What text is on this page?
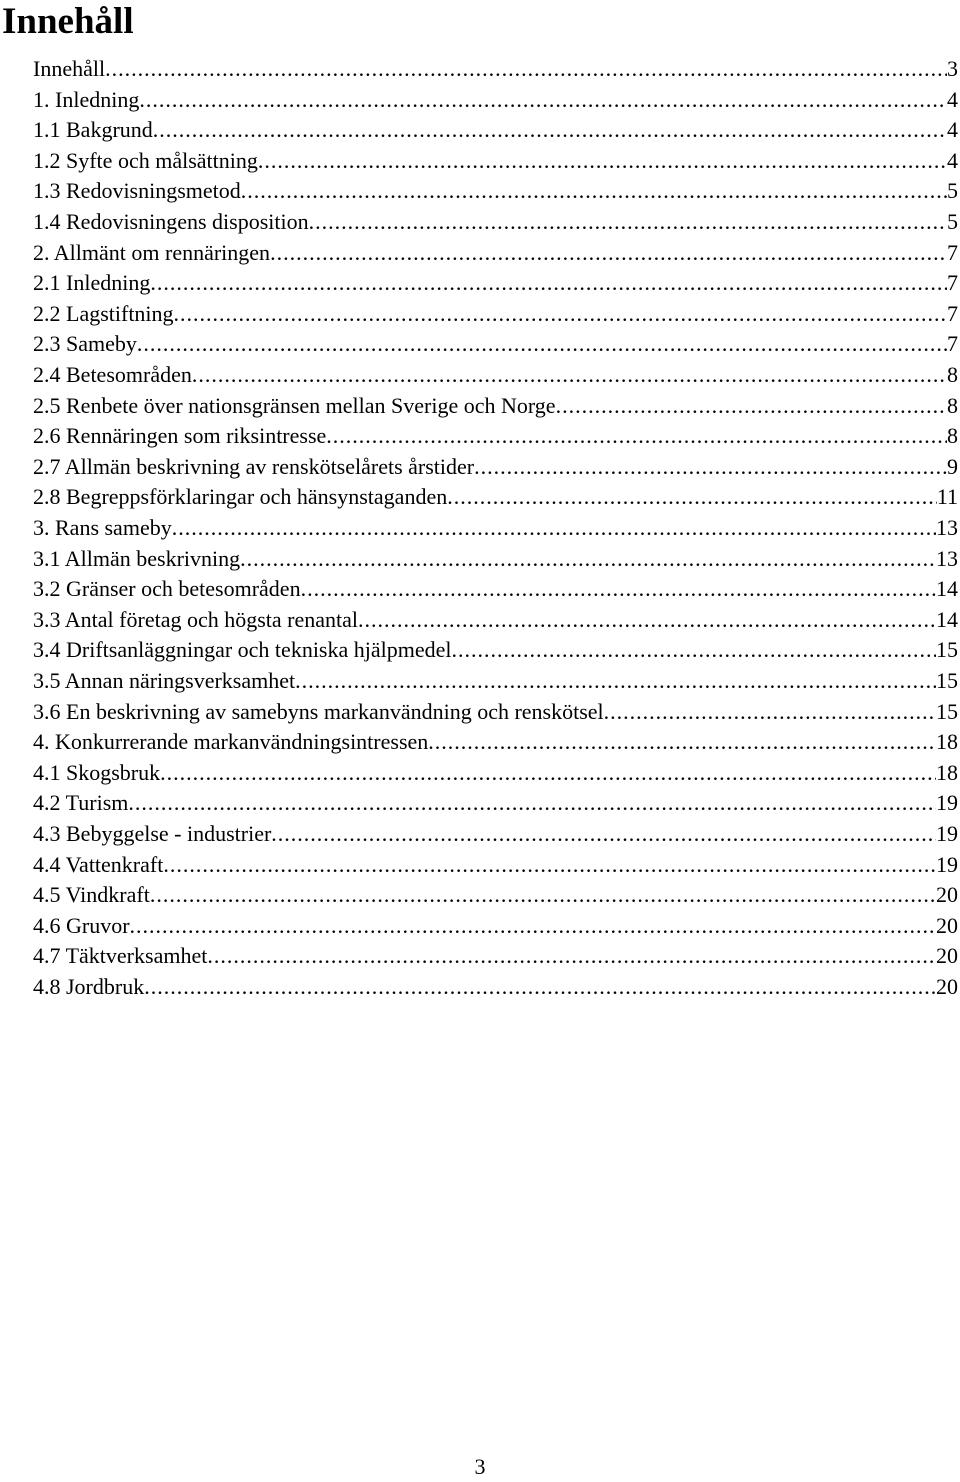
Innehåll
Innehåll .....	3
1. Inledning .....	4
1.1 Bakgrund .....	4
1.2 Syfte och målsättning .....	4
1.3 Redovisningsmetod .....	5
1.4 Redovisningens disposition .....	5
2. Allmänt om rennäringen .....	7
2.1 Inledning .....	7
2.2 Lagstiftning .....	7
2.3 Sameby .....	7
2.4 Betesområden .....	8
2.5 Renbete över nationsgränsen mellan Sverige och Norge .....	8
2.6 Rennäringen som riksintresse .....	8
2.7 Allmän beskrivning av renskötselårets årstider .....	9
2.8 Begreppsförklaringar och hänsynstaganden .....	11
3. Rans sameby .....	13
3.1 Allmän beskrivning .....	13
3.2 Gränser och betesområden .....	14
3.3 Antal företag och högsta renantal .....	14
3.4 Driftsanläggningar och tekniska hjälpmedel .....	15
3.5 Annan näringsverksamhet .....	15
3.6 En beskrivning av samebyns markanvändning och renskötsel .....	15
4. Konkurrerande markanvändningsintressen .....	18
4.1 Skogsbruk .....	18
4.2 Turism .....	19
4.3 Bebyggelse - industrier .....	19
4.4 Vattenkraft .....	19
4.5 Vindkraft .....	20
4.6 Gruvor .....	20
4.7 Täktverksamhet .....	20
4.8 Jordbruk .....	20
3
